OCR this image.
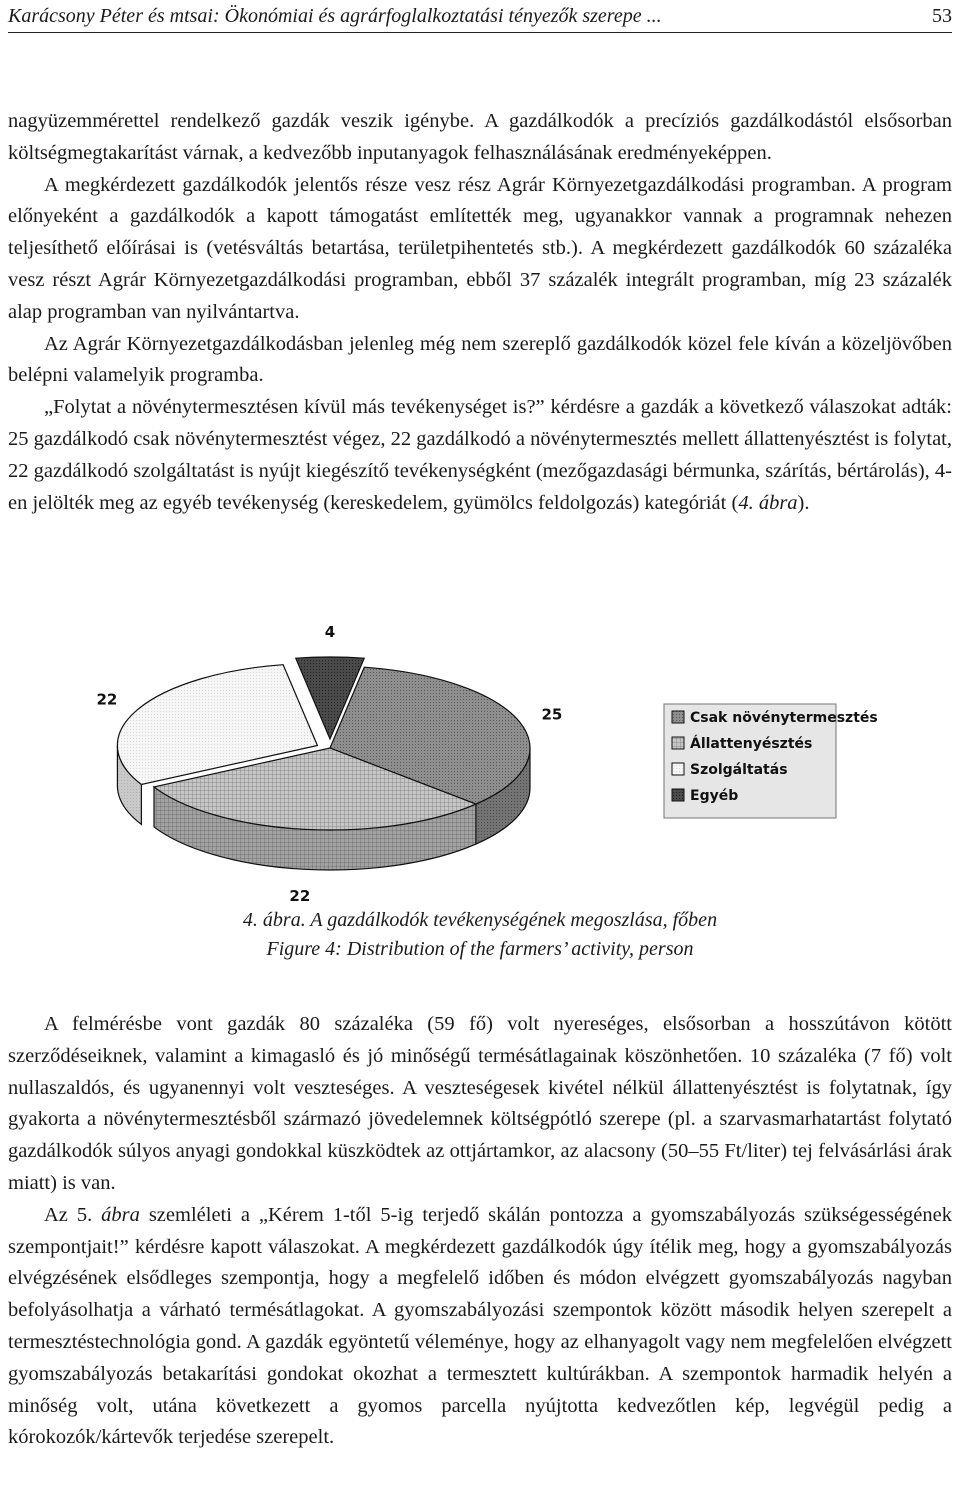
Karácsony Péter és mtsai: Ökonómiai és agrárfoglalkoztatási tényezők szerepe ...	53

nagyüzemmérettel rendelkező gazdák veszik igénybe. A gazdálkodók a precíziós gazdálkodástól elsősorban költségmegtakarítást várnak, a kedvezőbb inputanyagok felhasználásának eredményeképpen.

A megkérdezett gazdálkodók jelentős része vesz rész Agrár Környezetgazdálkodási programban. A program előnyeként a gazdálkodók a kapott támogatást említették meg, ugyanakkor vannak a programnak nehezen teljesíthető előírásai is (vetésváltás betartása, területpihentetés stb.). A megkérdezett gazdálkodók 60 százaléka vesz részt Agrár Környezetgazdálkodási programban, ebből 37 százalék integrált programban, míg 23 százalék alap programban van nyilvántartva.

Az Agrár Környezetgazdálkodásban jelenleg még nem szereplő gazdálkodók közel fele kíván a közeljövőben belépni valamelyik programba.

„Folytat a növénytermesztésen kívül más tevékenységet is?” kérdésre a gazdák a következő válaszokat adták: 25 gazdálkodó csak növénytermesztést végez, 22 gazdálkodó a növénytermesztés mellett állattenyésztést is folytat, 22 gazdálkodó szolgáltatást is nyújt kiegészítő tevékenységként (mezőgazdasági bérmunka, szárítás, bértárolás), 4-en jelölték meg az egyéb tevékenység (kereskedelem, gyümölcs feldolgozás) kategóriát (4. ábra).

25
22
22
4
Csak növénytermesztés
Állattenyésztés
Szolgáltatás
Egyéb
4. ábra. A gazdálkodók tevékenységének megoszlása, főben
Figure 4: Distribution of the farmers’ activity, person

A felmérésbe vont gazdák 80 százaléka (59 fő) volt nyereséges, elsősorban a hosszútávon kötött szerződéseiknek, valamint a kimagasló és jó minőségű termésátlagainak köszönhetően. 10 százaléka (7 fő) volt nullaszaldós, és ugyanennyi volt veszteséges. A veszteségesek kivétel nélkül állattenyésztést is folytatnak, így gyakorta a növénytermesztésből származó jövedelemnek költségpótló szerepe (pl. a szarvasmarhatartást folytató gazdálkodók súlyos anyagi gondokkal küszködtek az ottjártamkor, az alacsony (50–55 Ft/liter) tej felvásárlási árak miatt) is van.

Az 5. ábra szemléleti a „Kérem 1-től 5-ig terjedő skálán pontozza a gyomszabályozás szükségességének szempontjait!” kérdésre kapott válaszokat. A megkérdezett gazdálkodók úgy ítélik meg, hogy a gyomszabályozás elvégzésének elsődleges szempontja, hogy a megfelelő időben és módon elvégzett gyomszabályozás nagyban befolyásolhatja a várható termésátlagokat. A gyomszabályozási szempontok között második helyen szerepelt a termesztéstechnológia gond. A gazdák egyöntetű véleménye, hogy az elhanyagolt vagy nem megfelelően elvégzett gyomszabályozás betakarítási gondokat okozhat a termesztett kultúrákban. A szempontok harmadik helyén a minőség volt, utána következett a gyomos parcella nyújtotta kedvezőtlen kép, legvégül pedig a kórokozók/kártevők terjedése szerepelt.
